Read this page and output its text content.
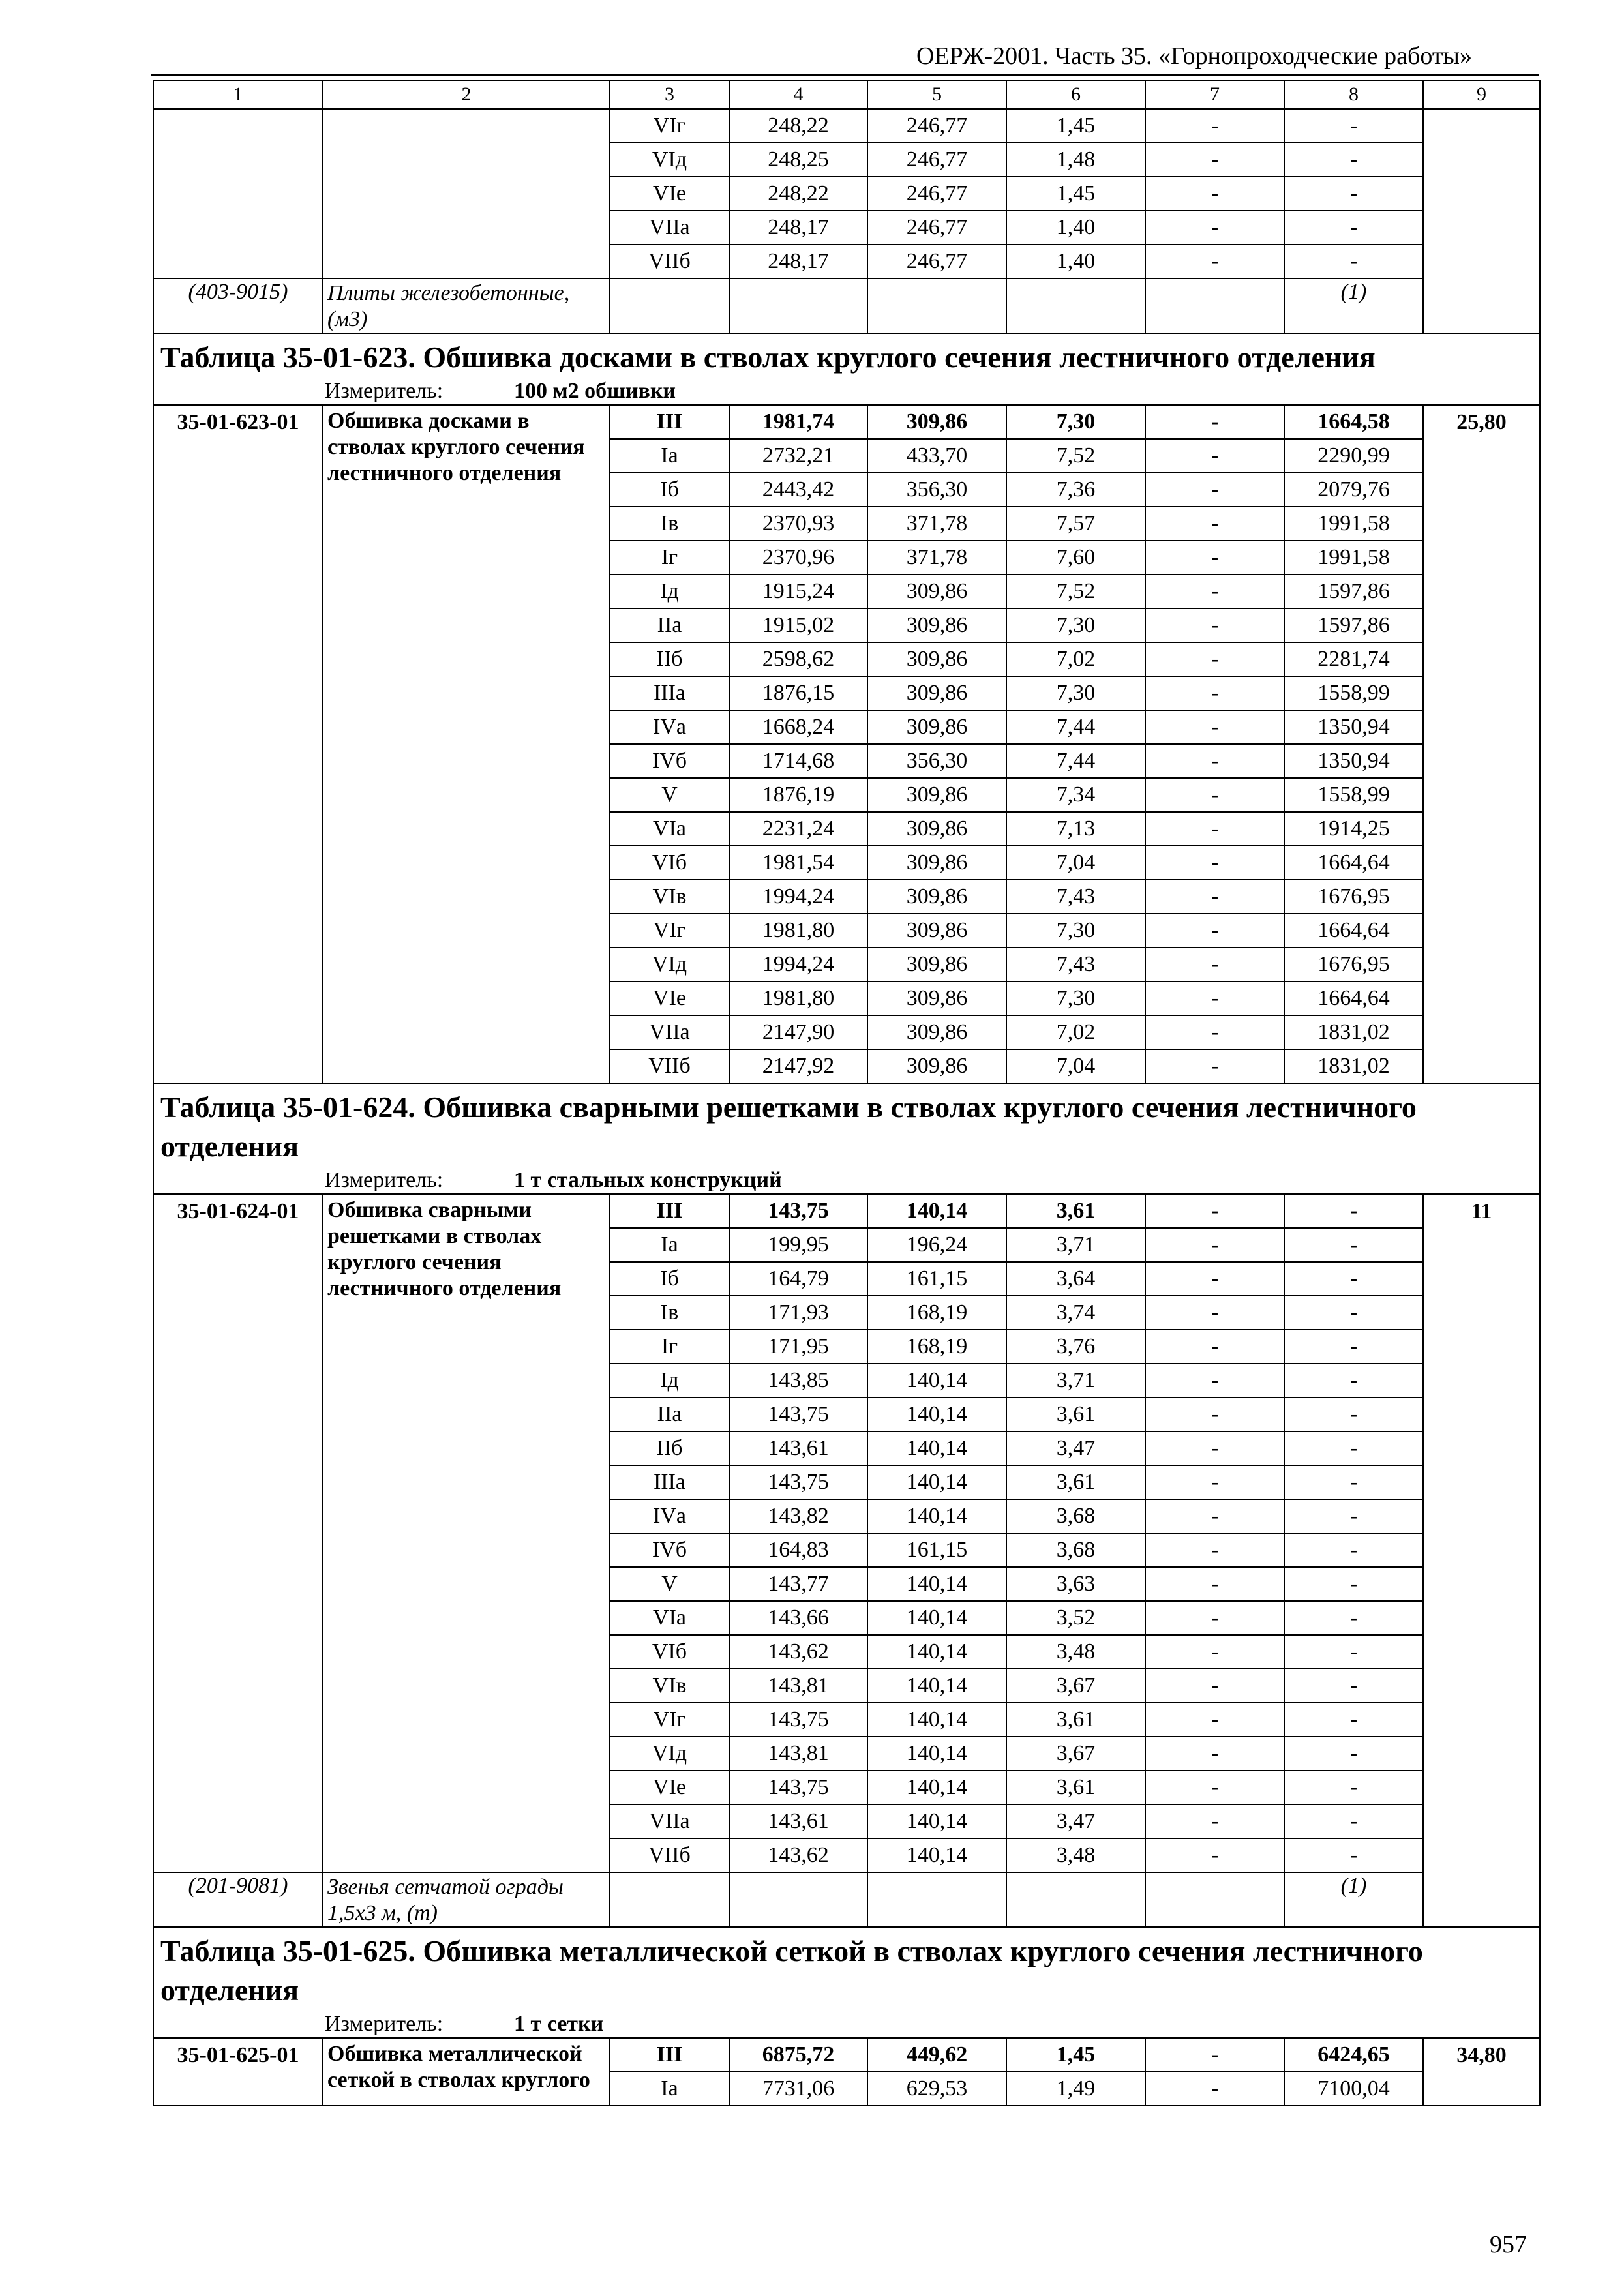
ОЕРЖ-2001. Часть 35. «Горнопроходческие работы»
1	2	3	4	5	6	7	8	9
		VIг	248,22	246,77	1,45	-	-	
		VIд	248,25	246,77	1,48	-	-	
		VIе	248,22	246,77	1,45	-	-	
		VIIа	248,17	246,77	1,40	-	-	
		VIIб	248,17	246,77	1,40	-	-	
(403-9015)	Плиты железобетонные, (м3)						(1)	
Таблица 35-01-623. Обшивка досками в стволах круглого сечения лестничного отделения								
Измеритель: 100 м2 обшивки								
35-01-623-01	Обшивка досками в стволах круглого сечения лестничного отделения	III	1981,74	309,86	7,30	-	1664,58	25,80
		Iа	2732,21	433,70	7,52	-	2290,99	
		Iб	2443,42	356,30	7,36	-	2079,76	
		Iв	2370,93	371,78	7,57	-	1991,58	
		Iг	2370,96	371,78	7,60	-	1991,58	
		Iд	1915,24	309,86	7,52	-	1597,86	
		IIа	1915,02	309,86	7,30	-	1597,86	
		IIб	2598,62	309,86	7,02	-	2281,74	
		IIIа	1876,15	309,86	7,30	-	1558,99	
		IVа	1668,24	309,86	7,44	-	1350,94	
		IVб	1714,68	356,30	7,44	-	1350,94	
		V	1876,19	309,86	7,34	-	1558,99	
		VIа	2231,24	309,86	7,13	-	1914,25	
		VIб	1981,54	309,86	7,04	-	1664,64	
		VIв	1994,24	309,86	7,43	-	1676,95	
		VIг	1981,80	309,86	7,30	-	1664,64	
		VIд	1994,24	309,86	7,43	-	1676,95	
		VIе	1981,80	309,86	7,30	-	1664,64	
		VIIа	2147,90	309,86	7,02	-	1831,02	
		VIIб	2147,92	309,86	7,04	-	1831,02	
Таблица 35-01-624. Обшивка сварными решетками в стволах круглого сечения лестничного отделения								
Измеритель: 1 т стальных конструкций								
35-01-624-01	Обшивка сварными решетками в стволах круглого сечения лестничного отделения	III	143,75	140,14	3,61	-	-	11
		Iа	199,95	196,24	3,71	-	-	
		Iб	164,79	161,15	3,64	-	-	
		Iв	171,93	168,19	3,74	-	-	
		Iг	171,95	168,19	3,76	-	-	
		Iд	143,85	140,14	3,71	-	-	
		IIа	143,75	140,14	3,61	-	-	
		IIб	143,61	140,14	3,47	-	-	
		IIIа	143,75	140,14	3,61	-	-	
		IVа	143,82	140,14	3,68	-	-	
		IVб	164,83	161,15	3,68	-	-	
		V	143,77	140,14	3,63	-	-	
		VIа	143,66	140,14	3,52	-	-	
		VIб	143,62	140,14	3,48	-	-	
		VIв	143,81	140,14	3,67	-	-	
		VIг	143,75	140,14	3,61	-	-	
		VIд	143,81	140,14	3,67	-	-	
		VIе	143,75	140,14	3,61	-	-	
		VIIа	143,61	140,14	3,47	-	-	
		VIIб	143,62	140,14	3,48	-	-	
(201-9081)	Звенья сетчатой ограды 1,5х3 м, (т)						(1)	
Таблица 35-01-625. Обшивка металлической сеткой в стволах круглого сечения лестничного отделения								
Измеритель: 1 т сетки								
35-01-625-01	Обшивка металлической сеткой в стволах круглого	III	6875,72	449,62	1,45	-	6424,65	34,80
		Iа	7731,06	629,53	1,49	-	7100,04	
957
